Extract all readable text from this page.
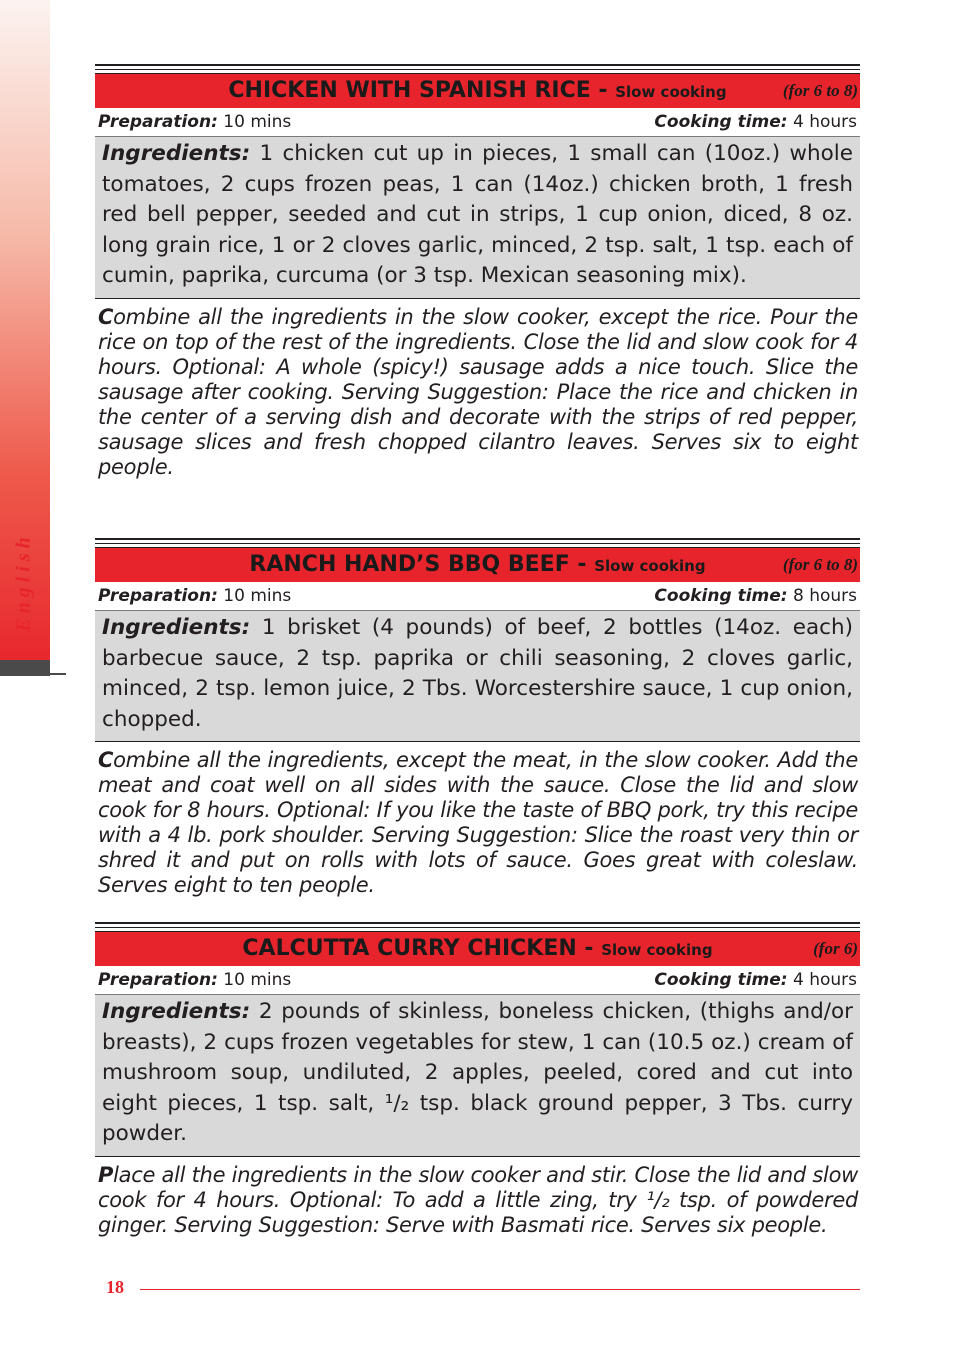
English
CHICKEN WITH SPANISH RICE - Slow cooking	(for 6 to 8)
Preparation: 10 mins	Cooking time: 4 hours
Ingredients: 1 chicken cut up in pieces, 1 small can (10oz.) whole tomatoes, 2 cups frozen peas, 1 can (14oz.) chicken broth, 1 fresh red bell pepper, seeded and cut in strips, 1 cup onion, diced, 8 oz. long grain rice, 1 or 2 cloves garlic, minced, 2 tsp. salt, 1 tsp. each of cumin, paprika, curcuma (or 3 tsp. Mexican seasoning mix).
Combine all the ingredients in the slow cooker, except the rice. Pour the rice on top of the rest of the ingredients. Close the lid and slow cook for 4 hours. Optional: A whole (spicy!) sausage adds a nice touch. Slice the sausage after cooking. Serving Suggestion: Place the rice and chicken in the center of a serving dish and decorate with the strips of red pepper, sausage slices and fresh chopped cilantro leaves. Serves six to eight people.
RANCH HAND’S BBQ BEEF - Slow cooking	(for 6 to 8)
Preparation: 10 mins	Cooking time: 8 hours
Ingredients: 1 brisket (4 pounds) of beef, 2 bottles (14oz. each) barbecue sauce, 2 tsp. paprika or chili seasoning, 2 cloves garlic, minced, 2 tsp. lemon juice, 2 Tbs. Worcestershire sauce, 1 cup onion, chopped.
Combine all the ingredients, except the meat, in the slow cooker. Add the meat and coat well on all sides with the sauce. Close the lid and slow cook for 8 hours. Optional: If you like the taste of BBQ pork, try this recipe with a 4 lb. pork shoulder. Serving Suggestion: Slice the roast very thin or shred it and put on rolls with lots of sauce. Goes great with coleslaw. Serves eight to ten people.
CALCUTTA CURRY CHICKEN - Slow cooking	(for 6)
Preparation: 10 mins	Cooking time: 4 hours
Ingredients: 2 pounds of skinless, boneless chicken, (thighs and/or breasts), 2 cups frozen vegetables for stew, 1 can (10.5 oz.) cream of mushroom soup, undiluted, 2 apples, peeled, cored and cut into eight pieces, 1 tsp. salt, ¹/₂ tsp. black ground pepper, 3 Tbs. curry powder.
Place all the ingredients in the slow cooker and stir. Close the lid and slow cook for 4 hours. Optional: To add a little zing, try ¹/₂ tsp. of powdered ginger. Serving Suggestion: Serve with Basmati rice. Serves six people.
18
